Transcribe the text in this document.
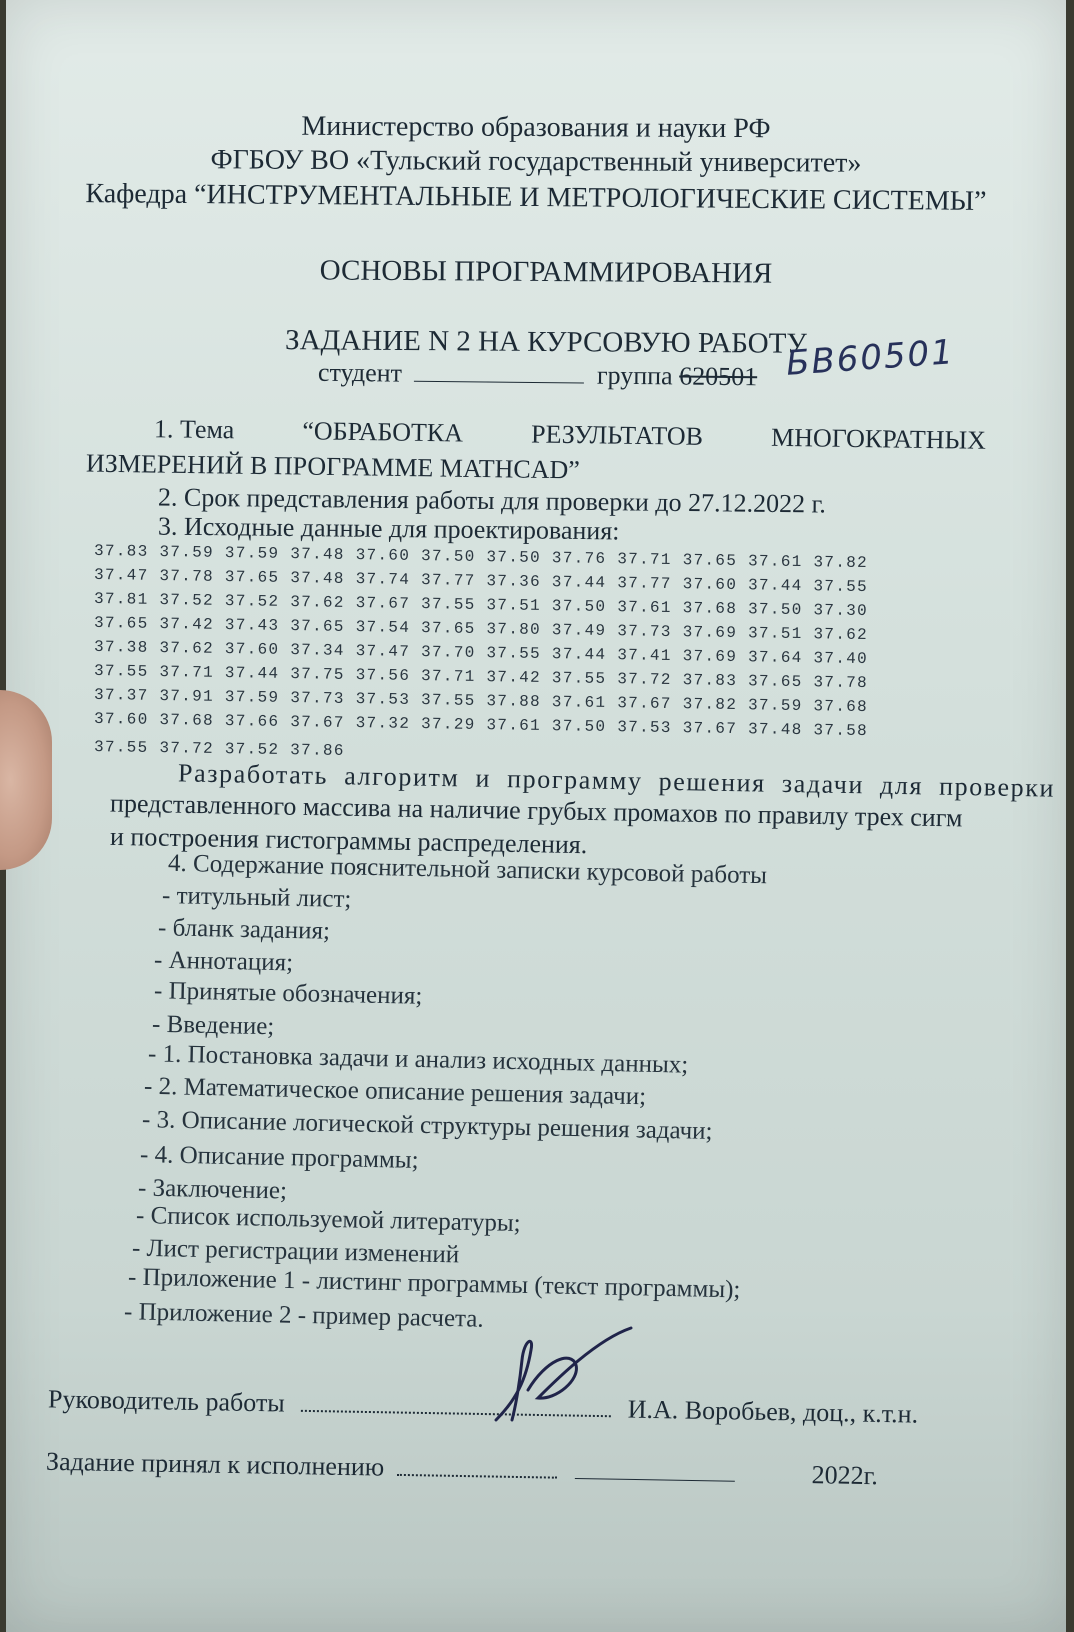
Министерство образования и науки РФ
ФГБОУ ВО «Тульский государственный университет»
Кафедра “ИНСТРУМЕНТАЛЬНЫЕ И МЕТРОЛОГИЧЕСКИЕ СИСТЕМЫ”
ОСНОВЫ ПРОГРАММИРОВАНИЯ
ЗАДАНИЕ N 2 НА КУРСОВУЮ РАБОТУ
студент	группа 620501 БВ60501
1. Тема	“ОБРАБОТКА	РЕЗУЛЬТАТОВ	МНОГОКРАТНЫХ
ИЗМЕРЕНИЙ В ПРОГРАММЕ MATHCAD”
2. Срок представления работы для проверки до 27.12.2022 г.
3. Исходные данные для проектирования:
37.83 37.59 37.59 37.48 37.60 37.50 37.50 37.76 37.71 37.65 37.61 37.82
37.47 37.78 37.65 37.48 37.74 37.77 37.36 37.44 37.77 37.60 37.44 37.55
37.81 37.52 37.52 37.62 37.67 37.55 37.51 37.50 37.61 37.68 37.50 37.30
37.65 37.42 37.43 37.65 37.54 37.65 37.80 37.49 37.73 37.69 37.51 37.62
37.38 37.62 37.60 37.34 37.47 37.70 37.55 37.44 37.41 37.69 37.64 37.40
37.55 37.71 37.44 37.75 37.56 37.71 37.42 37.55 37.72 37.83 37.65 37.78
37.37 37.91 37.59 37.73 37.53 37.55 37.88 37.61 37.67 37.82 37.59 37.68
37.60 37.68 37.66 37.67 37.32 37.29 37.61 37.50 37.53 37.67 37.48 37.58
37.55 37.72 37.52 37.86
Разработать алгоритм и программу решения задачи для проверки
представленного массива на наличие грубых промахов по правилу трех сигм
и построения гистограммы распределения.
4. Содержание пояснительной записки курсовой работы
- титульный лист;
- бланк задания;
- Аннотация;
- Принятые обозначения;
- Введение;
- 1. Постановка задачи и анализ исходных данных;
- 2. Математическое описание решения задачи;
- 3. Описание логической структуры решения задачи;
- 4. Описание программы;
- Заключение;
- Список используемой литературы;
- Лист регистрации изменений
- Приложение 1 - листинг программы (текст программы);
- Приложение 2 - пример расчета.
Руководитель работы	И.А. Воробьев, доц., к.т.н.
Задание принял к исполнению	2022г.
